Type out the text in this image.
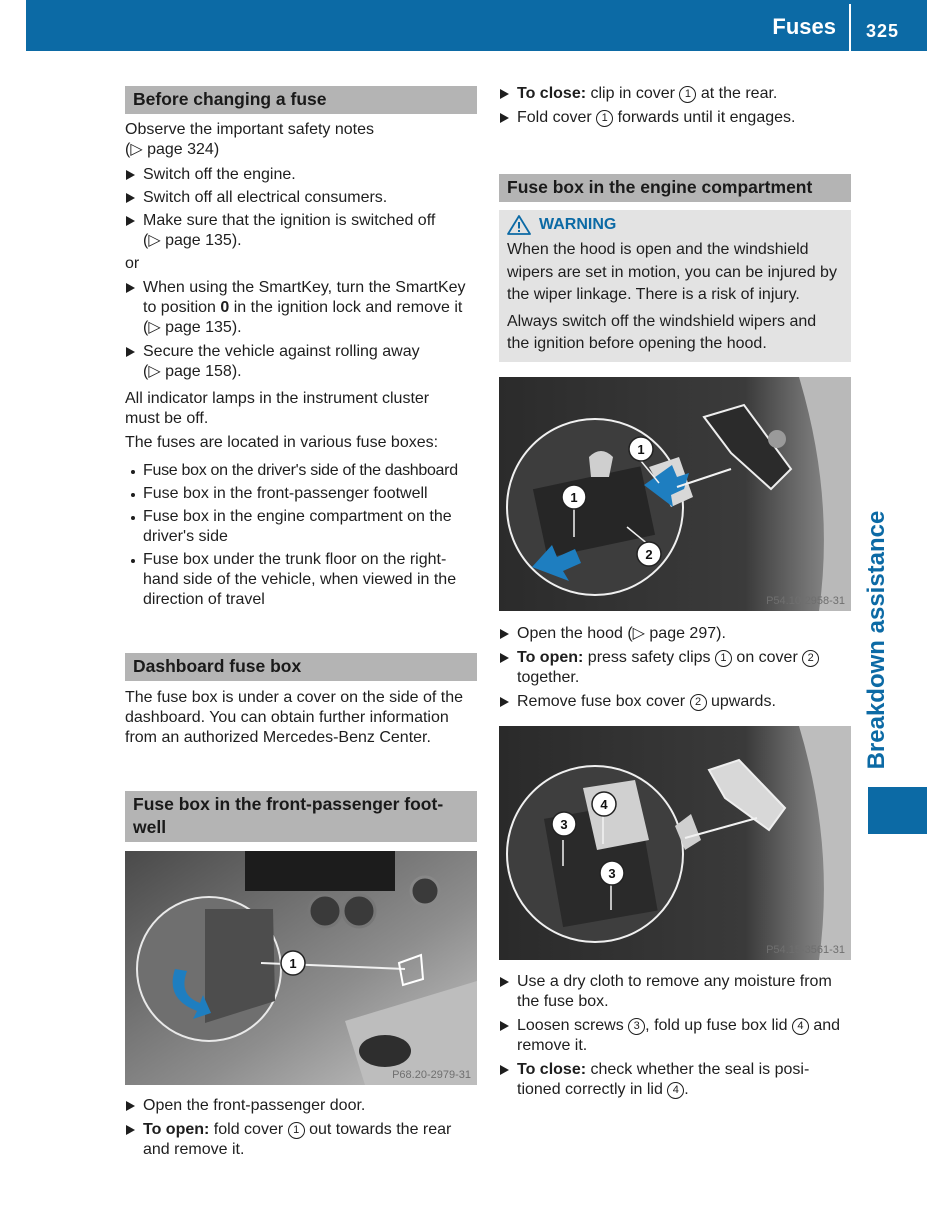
Fuses 325
Breakdown assistance
Before changing a fuse

Observe the important safety notes
(▷ page 324)

Switch off the engine.
Switch off all electrical consumers.
Make sure that the ignition is switched off
(▷ page 135).

or

When using the SmartKey, turn the SmartKey
to position 0 in the ignition lock and remove it
(▷ page 135).
Secure the vehicle against rolling away
(▷ page 158).

All indicator lamps in the instrument cluster
must be off.

The fuses are located in various fuse boxes:

Fuse box on the driver's side of the dashboard
Fuse box in the front-passenger footwell
Fuse box in the engine compartment on the
driver's side
Fuse box under the trunk floor on the right-
hand side of the vehicle, when viewed in the
direction of travel
Dashboard fuse box

The fuse box is under a cover on the side of the
dashboard. You can obtain further information
from an authorized Mercedes-Benz Center.

Fuse box in the front-passenger foot-
well
1
P68.20-2979-31
Open the front-passenger door.
To open: fold cover 1 out towards the rear
and remove it.
To close: clip in cover 1 at the rear.
Fold cover 1 forwards until it engages.
Fuse box in the engine compartment
WARNING

When the hood is open and the windshield
wipers are set in motion, you can be injured by
the wiper linkage. There is a risk of injury.

Always switch off the windshield wipers and
the ignition before opening the hood.

1
1
2
P54.10-2958-31
Open the hood (▷ page 297).
To open: press safety clips 1 on cover 2
together.
Remove fuse box cover 2 upwards.
4
3
3
P54.15-3561-31
Use a dry cloth to remove any moisture from
the fuse box.
Loosen screws 3 , fold up fuse box lid 4 and
remove it.
To close: check whether the seal is posi-
tioned correctly in lid 4 .
